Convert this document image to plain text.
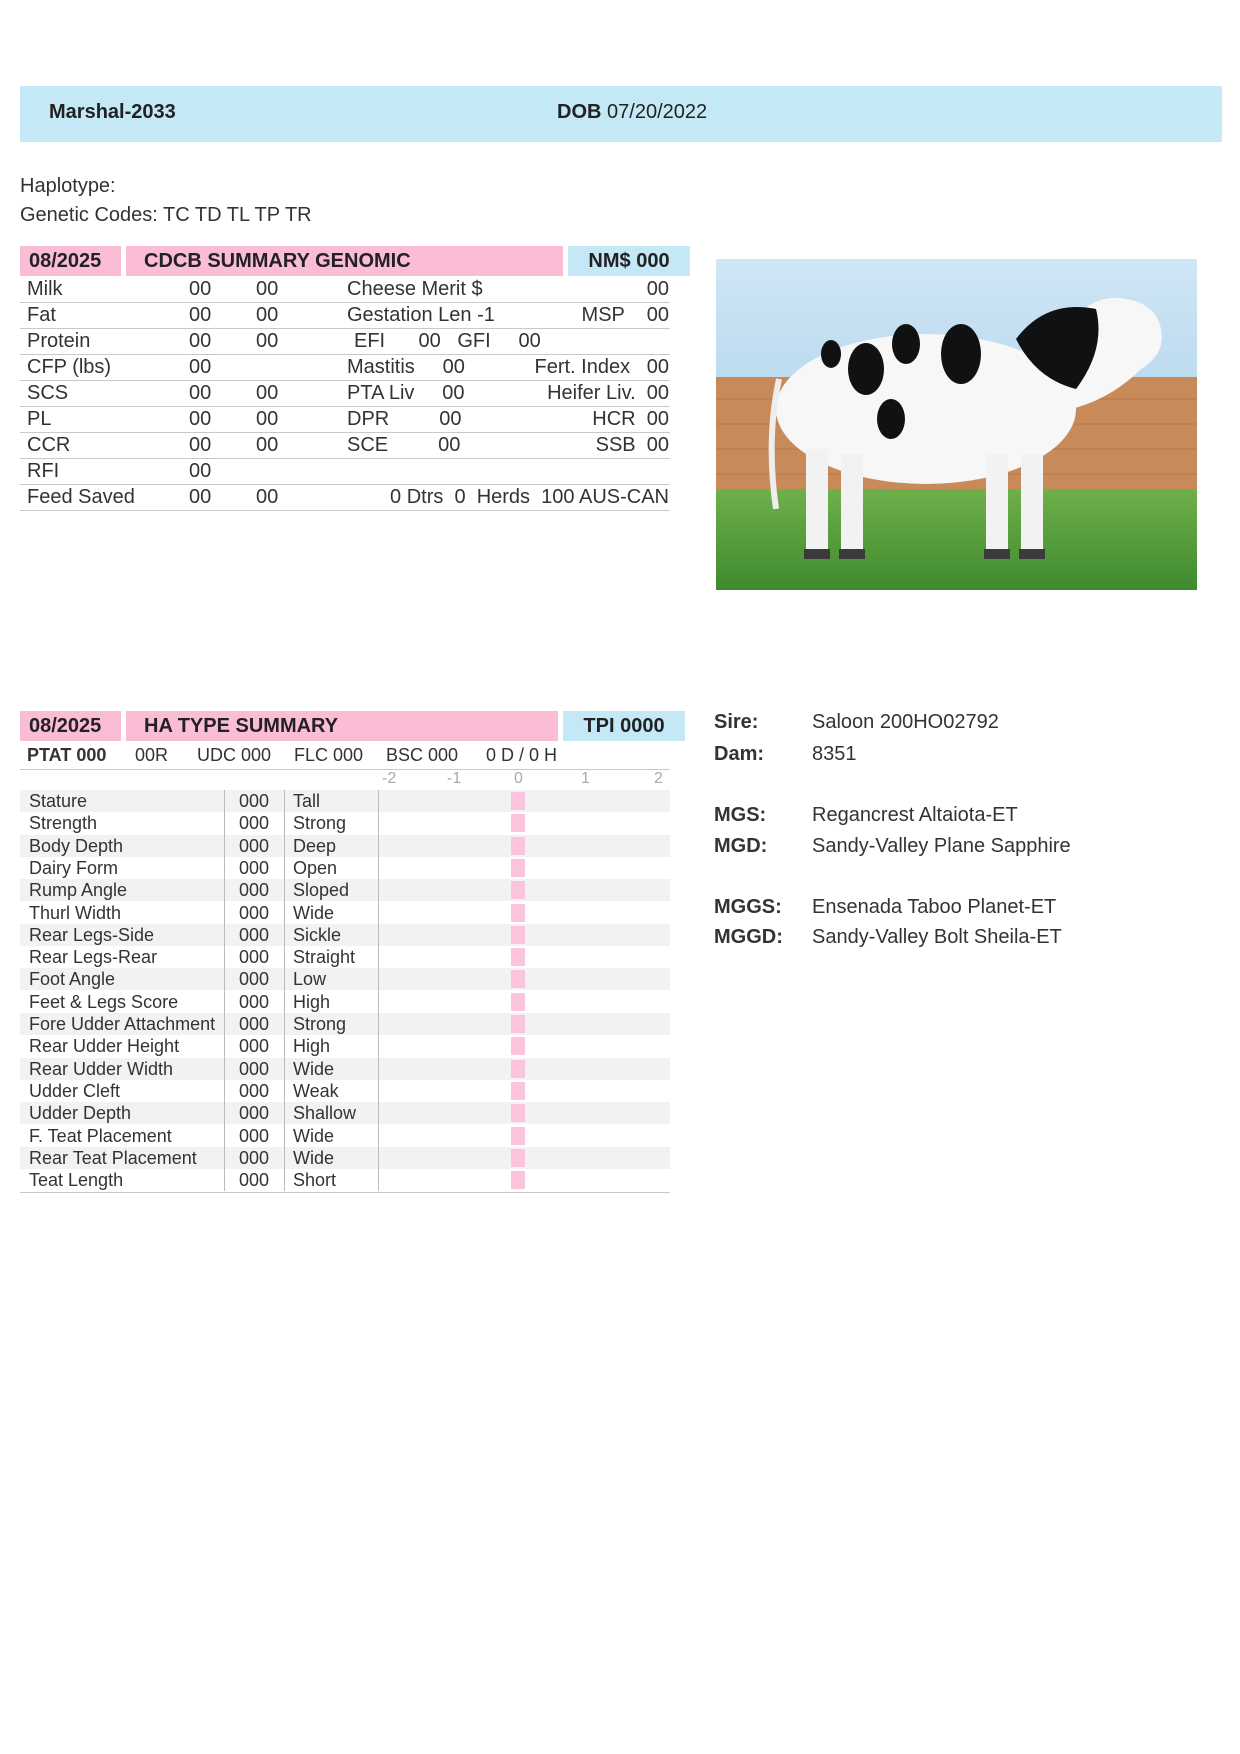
Marshal-2033	DOB 07/20/2022
Haplotype:
Genetic Codes: TC TD TL TP TR
08/2025	CDCB SUMMARY GENOMIC	NM$ 000
Milk	00 00	Cheese Merit $	00
Fat	00 00	Gestation Len -1	MSP    00
Protein	00 00	EFI      00   GFI     00
CFP (lbs)	00	Mastitis     00	Fert. Index   00
SCS	00 00	PTA Liv     00	Heifer Liv.  00
PL	00 00	DPR         00	HCR  00
CCR	00 00	SCE         00	SSB  00
RFI	00
Feed Saved	00 00	0 Dtrs  0  Herds  100 AUS-CAN
08/2025	HA TYPE SUMMARY	TPI 0000
PTAT 000 00R UDC 000 FLC 000 BSC 000 0 D / 0 H
-2	-1	0	1	2
Stature	000 Tall
Strength	000 Strong
Body Depth	000 Deep
Dairy Form	000 Open
Rump Angle	000 Sloped
Thurl Width	000 Wide
Rear Legs-Side	000 Sickle
Rear Legs-Rear	000 Straight
Foot Angle	000 Low
Feet & Legs Score	000 High
Fore Udder Attachment 000 Strong
Rear Udder Height	000 High
Rear Udder Width	000 Wide
Udder Cleft	000 Weak
Udder Depth	000 Shallow
F. Teat Placement	000 Wide
Rear Teat Placement 000 Wide
Teat Length	000 Short
Sire:	Saloon 200HO02792
Dam: 8351
MGS: Regancrest Altaiota-ET
MGD: Sandy-Valley Plane Sapphire
MGGS: Ensenada Taboo Planet-ET
MGGD: Sandy-Valley Bolt Sheila-ET
